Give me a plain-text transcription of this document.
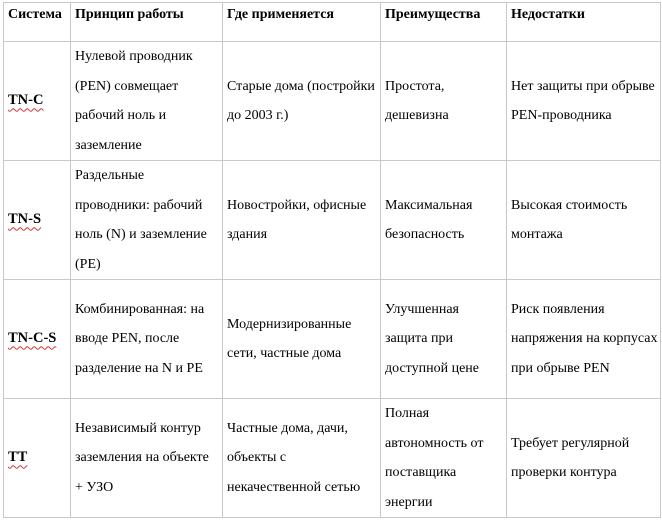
Система	Принцип работы	Где применяется	Преимущества	Недостатки
TN-C	Нулевой проводник (PEN) совмещает рабочий ноль и заземление	Старые дома (постройки до 2003 г.)	Простота, дешевизна	Нет защиты при обрыве PEN-проводника
TN-S	Раздельные проводники: рабочий ноль (N) и заземление (PE)	Новостройки, офисные здания	Максимальная безопасность	Высокая стоимость монтажа
TN-C-S	Комбинированная: на вводе PEN, после разделение на N и PE	Модернизированные сети, частные дома	Улучшенная защита при доступной цене	Риск появления напряжения на корпусах при обрыве PEN
TT	Независимый контур заземления на объекте + УЗО	Частные дома, дачи, объекты с некачественной сетью	Полная автономность от поставщика энергии	Требует регулярной проверки контура
